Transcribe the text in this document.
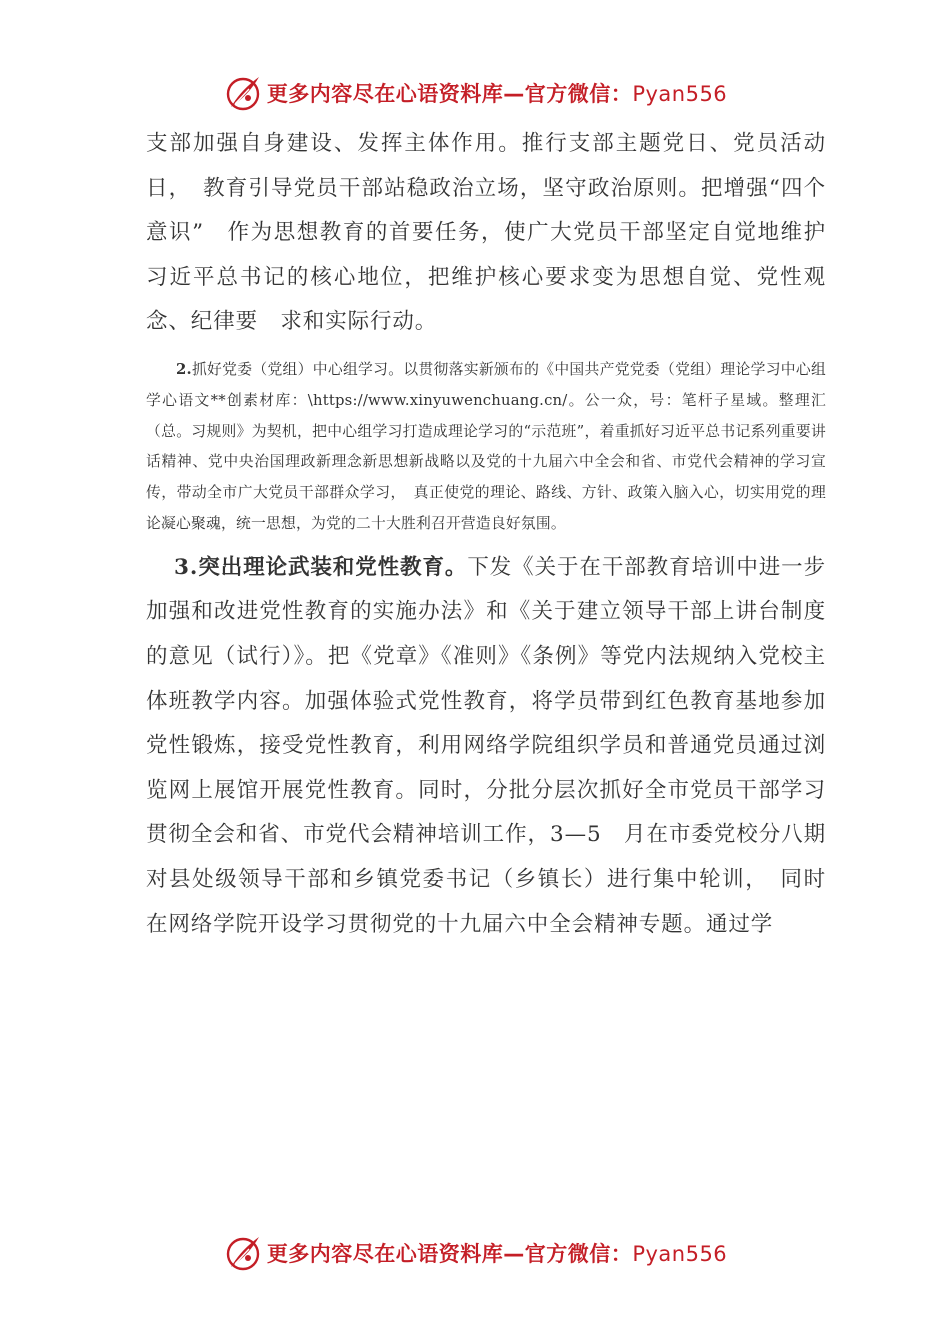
更多内容尽在心语资料库—官方微信：Pyan556

支部加强自身建设、发挥主体作用。推行支部主题党日、党员活动日，　教育引导党员干部站稳政治立场，坚守政治原则。把增强“四个意识”　作为思想教育的首要任务，使广大党员干部坚定自觉地维护习近平总书记的核心地位，把维护核心要求变为思想自觉、党性观念、纪律要　求和实际行动。

2.抓好党委（党组）中心组学习。以贯彻落实新颁布的《中国共产党党委（党组）理论学习中心组学心语文**创素材库：\https://www.xinyuwenchuang.cn/。公一众，号：笔杆子星域。整理汇（总。习规则》为契机，把中心组学习打造成理论学习的“示范班”，着重抓好习近平总书记系列重要讲话精神、党中央治国理政新理念新思想新战略以及党的十九届六中全会和省、市党代会精神的学习宣传，带动全市广大党员干部群众学习，　真正使党的理论、路线、方针、政策入脑入心，切实用党的理论凝心聚魂，统一思想，为党的二十大胜利召开营造良好氛围。

3.突出理论武装和党性教育。下发《关于在干部教育培训中进一步加强和改进党性教育的实施办法》和《关于建立领导干部上讲台制度的意见（试行）》。把《党章》《准则》《条例》等党内法规纳入党校主体班教学内容。加强体验式党性教育，将学员带到红色教育基地参加党性锻炼，接受党性教育，利用网络学院组织学员和普通党员通过浏览网上展馆开展党性教育。同时，分批分层次抓好全市党员干部学习贯彻全会和省、市党代会精神培训工作，3—5　月在市委党校分八期对县处级领导干部和乡镇党委书记（乡镇长）进行集中轮训，　同时在网络学院开设学习贯彻党的十九届六中全会精神专题。通过学

更多内容尽在心语资料库—官方微信：Pyan556
